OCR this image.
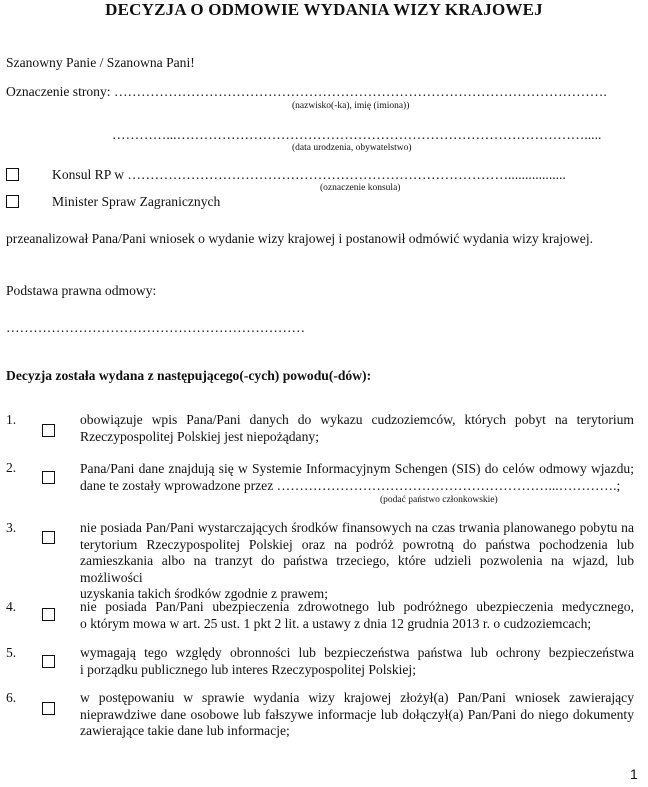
DECYZJA O ODMOWIE WYDANIA WIZY KRAJOWEJ
Szanowny Panie / Szanowna Pani!
Oznaczenie strony: ……………………………………………………………………………………………….
(nazwisko(-ka), imię (imiona))
…………...……………………………………………………………………………….....
(data urodzenia, obywatelstwo)
Konsul RP w ………………………………………………………………………….................
(oznaczenie konsula)
Minister Spraw Zagranicznych
przeanalizował Pana/Pani wniosek o wydanie wizy krajowej i postanowił odmówić wydania wizy krajowej.
Podstawa prawna odmowy:
…………………………………………………………
Decyzja została wydana z następującego(-cych) powodu(-dów):
1.	obowiązuje wpis Pana/Pani danych do wykazu cudzoziemców, których pobyt na terytorium
Rzeczypospolitej Polskiej jest niepożądany;
2.	Pana/Pani dane znajdują się w Systemie Informacyjnym Schengen (SIS) do celów odmowy wjazdu;
dane te zostały wprowadzone przez ……………………………………………………...………….;
(podać państwo członkowskie)
3.	nie posiada Pan/Pani wystarczających środków finansowych na czas trwania planowanego pobytu na
terytorium Rzeczypospolitej Polskiej oraz na podróż powrotną do państwa pochodzenia lub
zamieszkania albo na tranzyt do państwa trzeciego, które udzieli pozwolenia na wjazd, lub możliwości
uzyskania takich środków zgodnie z prawem;
4.	nie posiada Pan/Pani ubezpieczenia zdrowotnego lub podróżnego ubezpieczenia medycznego,
o którym mowa w art. 25 ust. 1 pkt 2 lit. a ustawy z dnia 12 grudnia 2013 r. o cudzoziemcach;
5.	wymagają tego względy obronności lub bezpieczeństwa państwa lub ochrony bezpieczeństwa
i porządku publicznego lub interes Rzeczypospolitej Polskiej;
6.	w postępowaniu w sprawie wydania wizy krajowej złożył(a) Pan/Pani wniosek zawierający
nieprawdziwe dane osobowe lub fałszywe informacje lub dołączył(a) Pan/Pani do niego dokumenty
zawierające takie dane lub informacje;
1
